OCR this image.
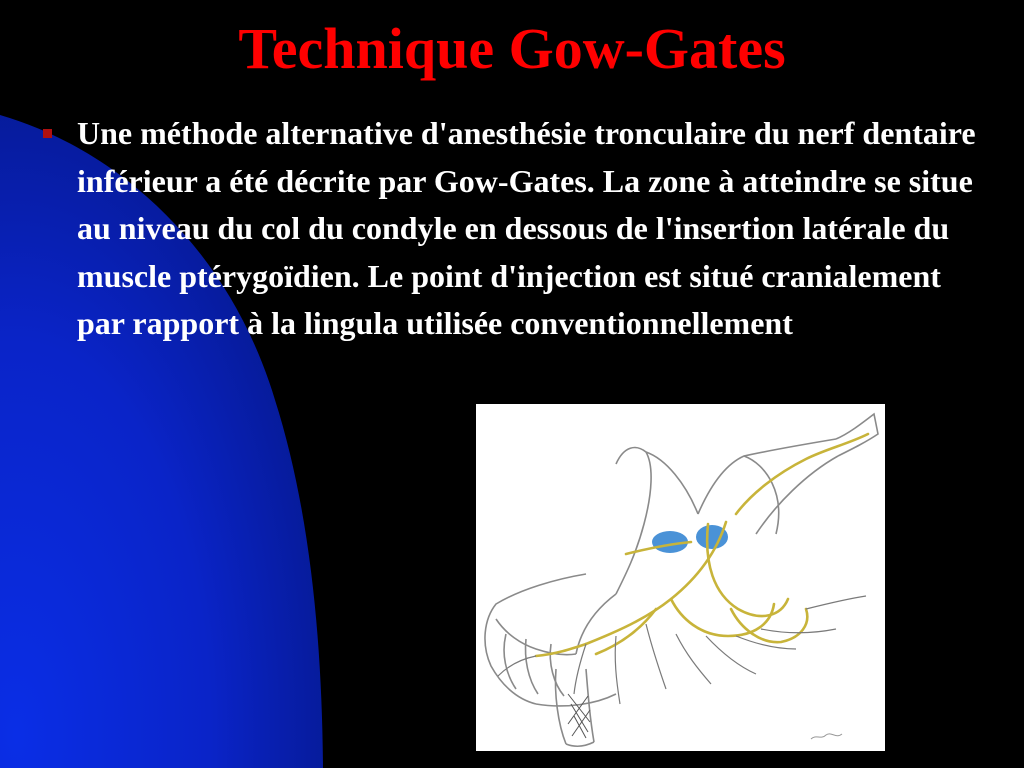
Technique Gow-Gates

Une méthode alternative d'anesthésie tronculaire du nerf dentaire inférieur a été décrite par Gow-Gates. La zone à atteindre se situe au niveau du col du condyle en dessous de l'insertion latérale du muscle ptérygoïdien. Le point d'injection est situé cranialement par rapport à la lingula utilisée conventionnellement
